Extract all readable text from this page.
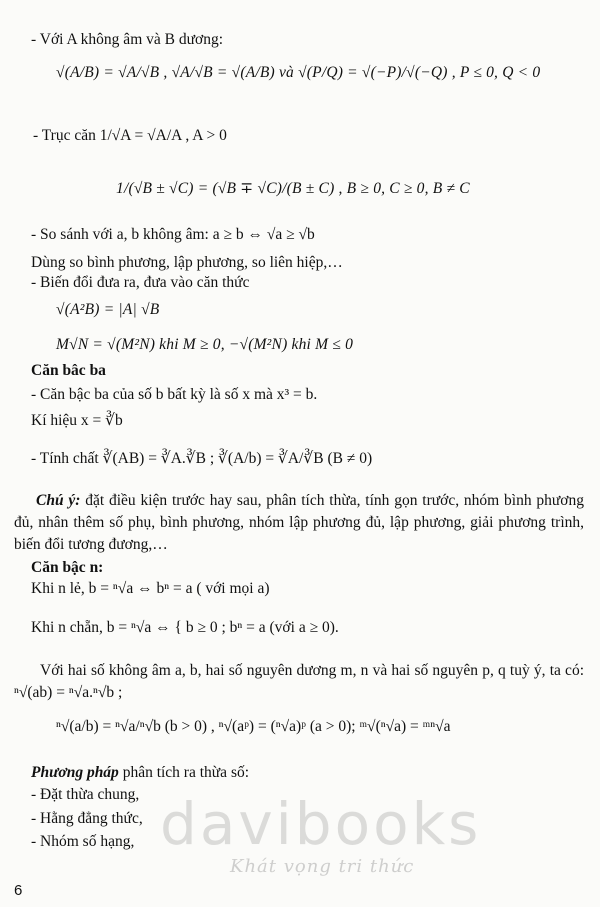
- Với A không âm và B dương:
√(A/B) = √A/√B , √A/√B = √(A/B) và √(P/Q) = √(−P)/√(−Q) , P ≤ 0, Q < 0
- Trục căn 1/√A = √A/A , A > 0
1/(√B ± √C) = (√B ∓ √C)/(B ± C) , B ≥ 0, C ≥ 0, B ≠ C
- So sánh với a, b không âm: a ≥ b ⇔ √a ≥ √b
Dùng so bình phương, lập phương, so liên hiệp,…
- Biến đổi đưa ra, đưa vào căn thức
√(A²B) = |A| √B
M√N = √(M²N) khi M ≥ 0, −√(M²N) khi M ≤ 0
Căn bâc ba
- Căn bậc ba của số b bất kỳ là số x mà x³ = b.
Kí hiệu x = ∛b
- Tính chất ∛(AB) = ∛A.∛B ; ∛(A/b) = ∛A/∛B (B ≠ 0)
Chú ý: đặt điều kiện trước hay sau, phân tích thừa, tính gọn trước, nhóm bình phương đủ, nhân thêm số phụ, bình phương, nhóm lập phương đủ, lập phương, giải phương trình, biến đổi tương đương,…
Căn bậc n:
Khi n lẻ, b = ⁿ√a ⇔ bⁿ = a ( với mọi a)
Khi n chẵn, b = ⁿ√a ⇔ { b ≥ 0 ; bⁿ = a (với a ≥ 0).
Với hai số không âm a, b, hai số nguyên dương m, n và hai số nguyên p, q tuỳ ý, ta có: ⁿ√(ab) = ⁿ√a.ⁿ√b ;
ⁿ√(a/b) = ⁿ√a/ⁿ√b (b > 0) , ⁿ√(aᵖ) = (ⁿ√a)ᵖ (a > 0); ᵐ√(ⁿ√a) = ᵐⁿ√a
Phương pháp phân tích ra thừa số:
- Đặt thừa chung,
- Hằng đẳng thức,
- Nhóm số hạng, davibooks
Khát vọng tri thức
6
